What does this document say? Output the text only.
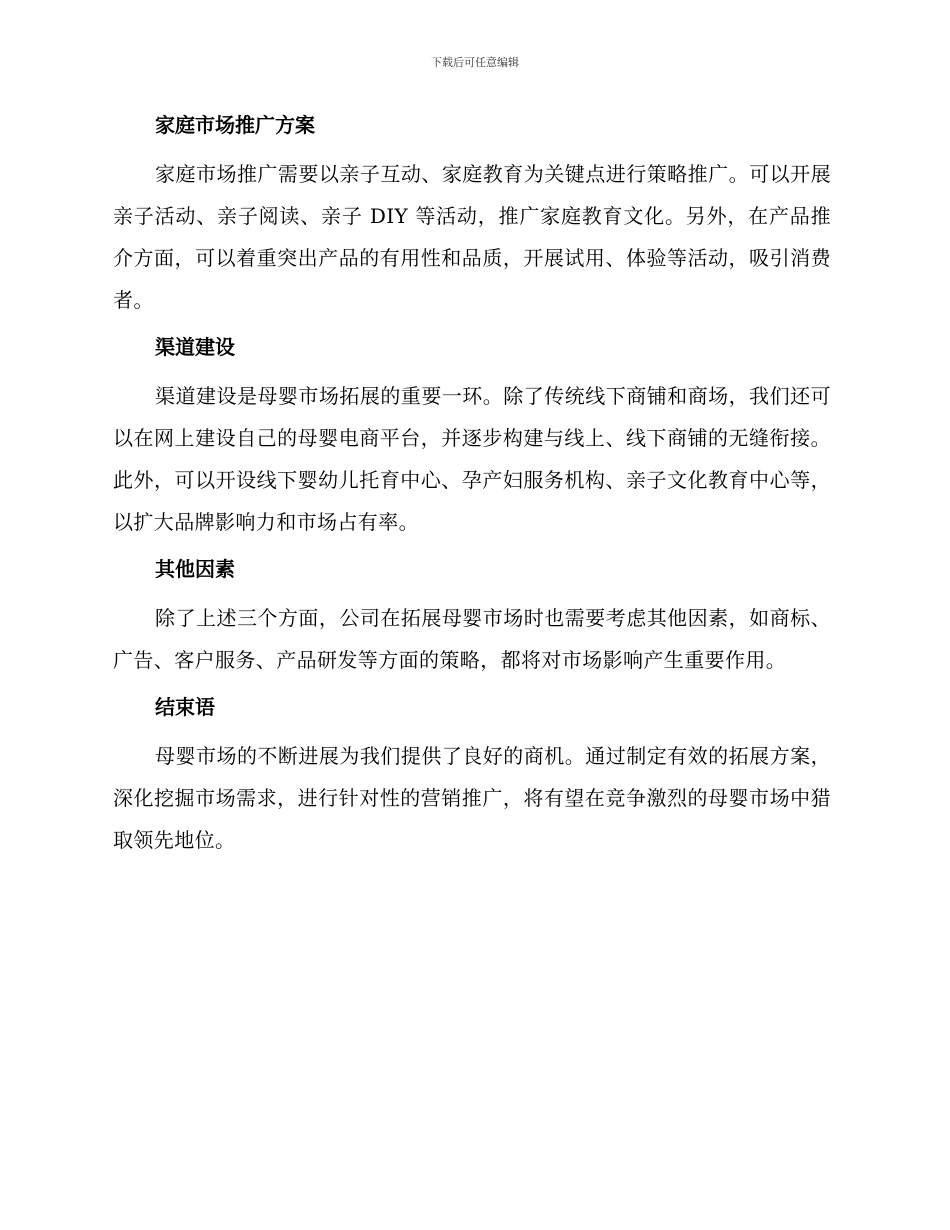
下载后可任意编辑
家庭市场推广方案

家庭市场推广需要以亲子互动、家庭教育为关键点进行策略推广。可以开展亲子活动、亲子阅读、亲子 DIY 等活动，推广家庭教育文化。另外，在产品推介方面，可以着重突出产品的有用性和品质，开展试用、体验等活动，吸引消费者。

渠道建设

渠道建设是母婴市场拓展的重要一环。除了传统线下商铺和商场，我们还可以在网上建设自己的母婴电商平台，并逐步构建与线上、线下商铺的无缝衔接。此外，可以开设线下婴幼儿托育中心、孕产妇服务机构、亲子文化教育中心等，以扩大品牌影响力和市场占有率。

其他因素

除了上述三个方面，公司在拓展母婴市场时也需要考虑其他因素，如商标、广告、客户服务、产品研发等方面的策略，都将对市场影响产生重要作用。

结束语

母婴市场的不断进展为我们提供了良好的商机。通过制定有效的拓展方案，深化挖掘市场需求，进行针对性的营销推广，将有望在竞争激烈的母婴市场中猎取领先地位。
